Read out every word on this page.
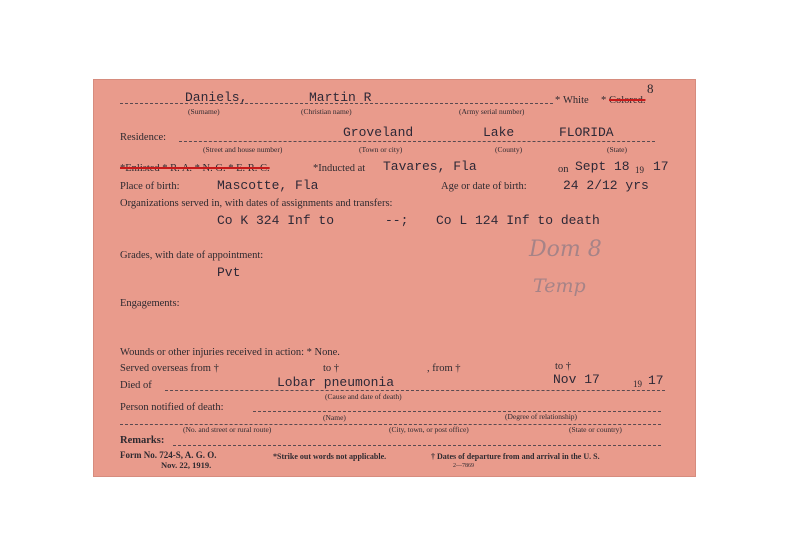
8
Daniels,	Martin R	* White * Colored.
(Surname)	(Christian name)	(Army serial number)
Residence:	Groveland	Lake	FLORIDA
(Street and house number)	(Town or city)	(County)	(State)
*Enlisted * R. A. * N. G. * E. R. C.	*Inducted at Tavares, Fla	on Sept 18 19 17
Place of birth:	Mascotte, Fla	Age or date of birth:	24 2/12 yrs
Organizations served in, with dates of assignments and transfers:
Co K 324 Inf to	--; Co L 124 Inf to death
Grades, with date of appointment:
Pvt
Dom 8
Temp
Engagements:
Wounds or other injuries received in action: * None.
Served overseas from †	to †	, from †	to †
Died of	Lobar pneumonia	Nov 17	19 17
(Cause and date of death)
Person notified of death:
(Name)	(Degree of relationship)
(No. and street or rural route)	(City, town, or post office)	(State or country)
Remarks:
Form No. 724-S, A. G. O.
Nov. 22, 1919.
*Strike out words not applicable.	† Dates of departure from and arrival in the U. S.
2—7869
